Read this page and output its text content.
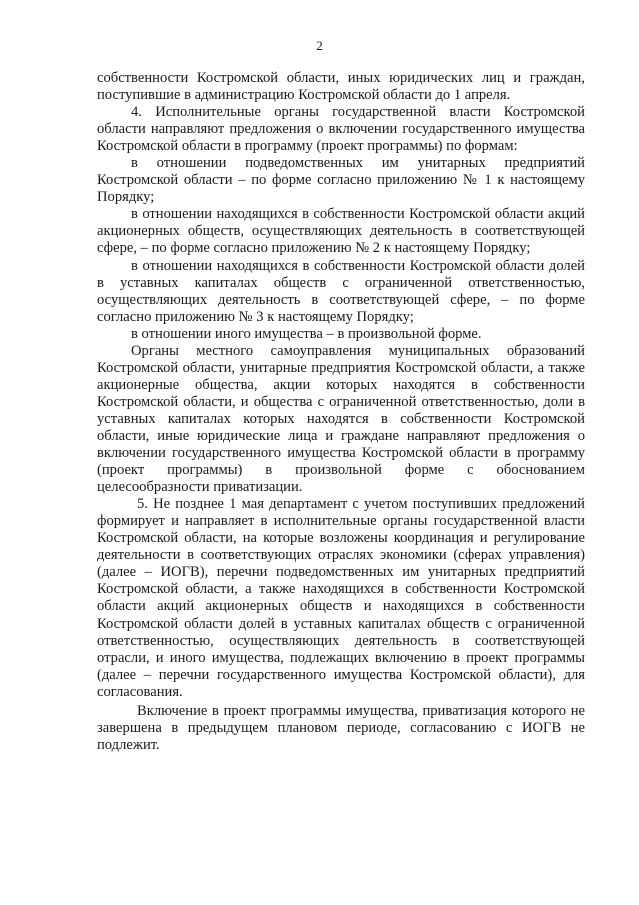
2

собственности Костромской области, иных юридических лиц и граждан, поступившие в администрацию Костромской области до 1 апреля.

4. Исполнительные органы государственной власти Костромской области направляют предложения о включении государственного имущества Костромской области в программу (проект программы) по формам:

в отношении подведомственных им унитарных предприятий Костромской области – по форме согласно приложению № 1 к настоящему Порядку;

в отношении находящихся в собственности Костромской области акций акционерных обществ, осуществляющих деятельность в соответствующей сфере, – по форме согласно приложению № 2 к настоящему Порядку;

в отношении находящихся в собственности Костромской области долей в уставных капиталах обществ с ограниченной ответственностью, осуществляющих деятельность в соответствующей сфере, – по форме согласно приложению № 3 к настоящему Порядку;

в отношении иного имущества – в произвольной форме.

Органы местного самоуправления муниципальных образований Костромской области, унитарные предприятия Костромской области, а также акционерные общества, акции которых находятся в собственности Костромской области, и общества с ограниченной ответственностью, доли в уставных капиталах которых находятся в собственности Костромской области, иные юридические лица и граждане направляют предложения о включении государственного имущества Костромской области в программу (проект программы) в произвольной форме с обоснованием целесообразности приватизации.

5. Не позднее 1 мая департамент с учетом поступивших предложений формирует и направляет в исполнительные органы государственной власти Костромской области, на которые возложены координация и регулирование деятельности в соответствующих отраслях экономики (сферах управления) (далее – ИОГВ), перечни подведомственных им унитарных предприятий Костромской области, а также находящихся в собственности Костромской области акций акционерных обществ и находящихся в собственности Костромской области долей в уставных капиталах обществ с ограниченной ответственностью, осуществляющих деятельность в соответствующей отрасли, и иного имущества, подлежащих включению в проект программы (далее – перечни государственного имущества Костромской области), для согласования.

Включение в проект программы имущества, приватизация которого не завершена в предыдущем плановом периоде, согласованию с ИОГВ не подлежит.
